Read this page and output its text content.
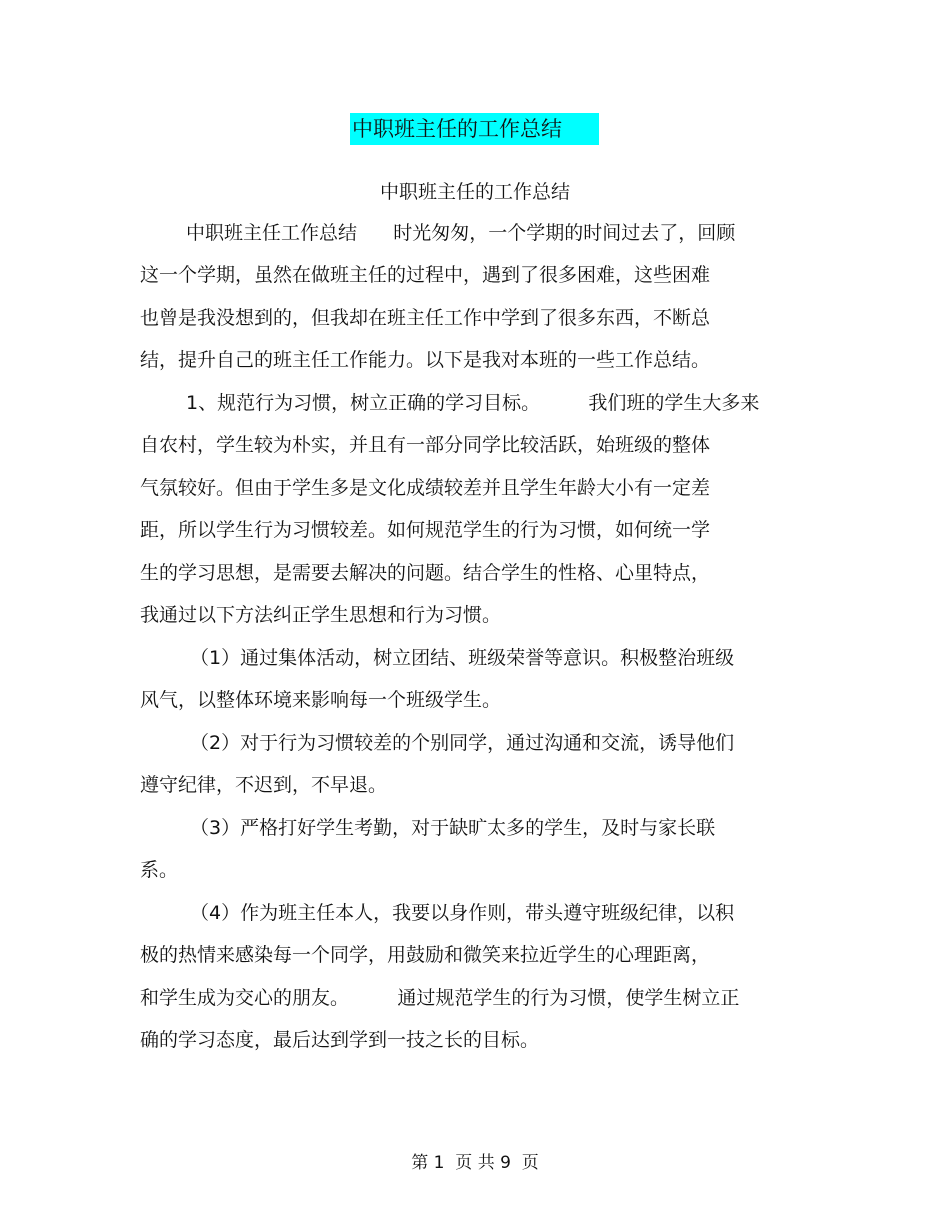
中职班主任的工作总结
中职班主任的工作总结
中职班主任工作总结      时光匆匆，一个学期的时间过去了，回顾
这一个学期，虽然在做班主任的过程中，遇到了很多困难，这些困难
也曾是我没想到的，但我却在班主任工作中学到了很多东西，不断总
结，提升自己的班主任工作能力。以下是我对本班的一些工作总结。
1、规范行为习惯，树立正确的学习目标。        我们班的学生大多来
自农村，学生较为朴实，并且有一部分同学比较活跃，始班级的整体
气氛较好。但由于学生多是文化成绩较差并且学生年龄大小有一定差
距，所以学生行为习惯较差。如何规范学生的行为习惯，如何统一学
生的学习思想，是需要去解决的问题。结合学生的性格、心里特点，
我通过以下方法纠正学生思想和行为习惯。
（1）通过集体活动，树立团结、班级荣誉等意识。积极整治班级
风气，以整体环境来影响每一个班级学生。
（2）对于行为习惯较差的个别同学，通过沟通和交流，诱导他们
遵守纪律，不迟到，不早退。
（3）严格打好学生考勤，对于缺旷太多的学生，及时与家长联
系。
（4）作为班主任本人，我要以身作则，带头遵守班级纪律，以积
极的热情来感染每一个同学，用鼓励和微笑来拉近学生的心理距离，
和学生成为交心的朋友。        通过规范学生的行为习惯，使学生树立正
确的学习态度，最后达到学到一技之长的目标。
第 1  页 共 9  页
